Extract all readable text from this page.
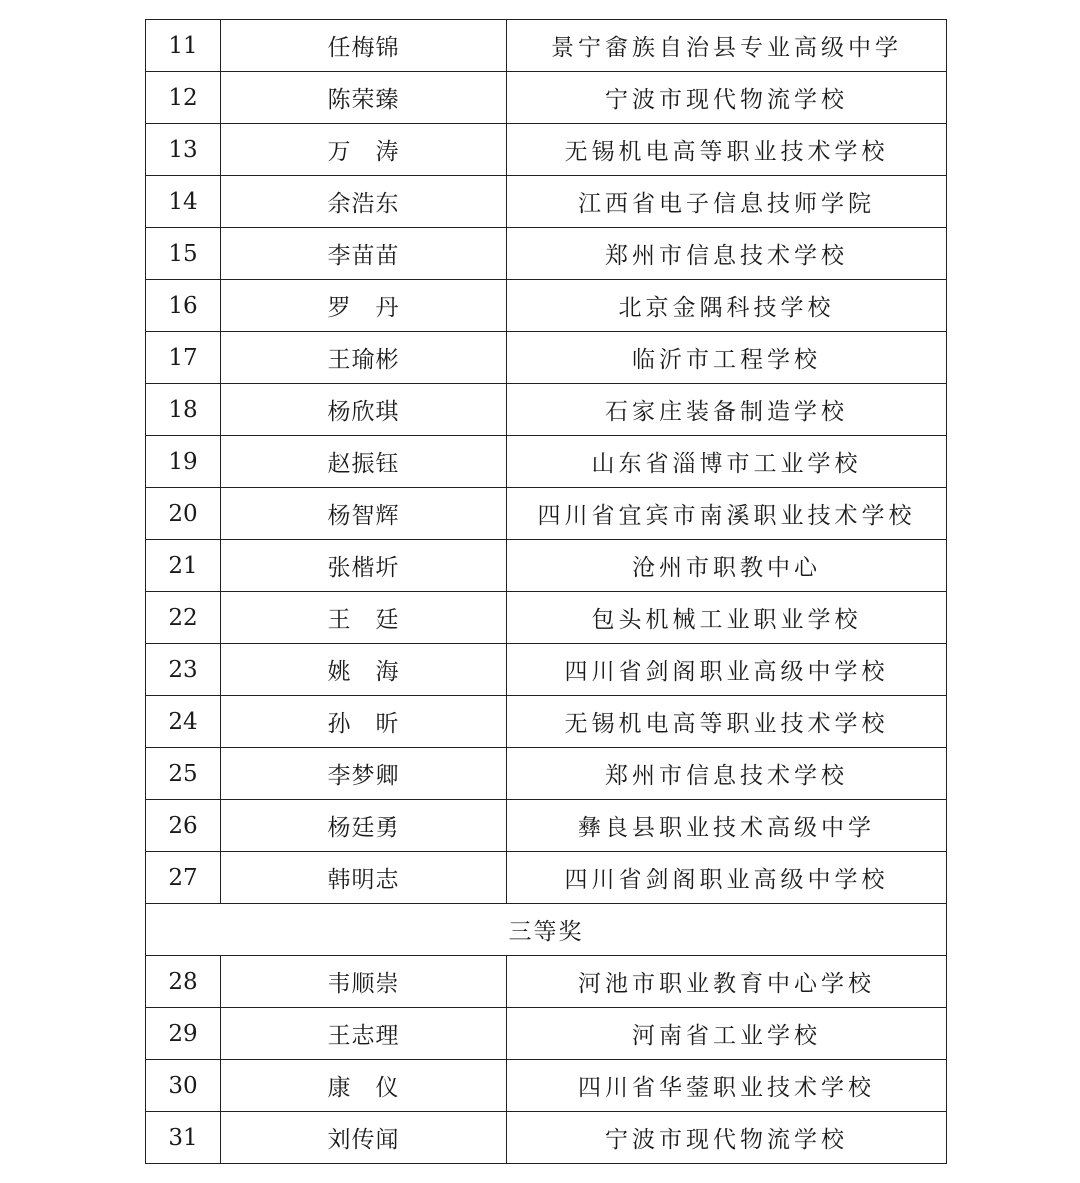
11	任梅锦	景宁畲族自治县专业高级中学
12	陈荣臻	宁波市现代物流学校
13	万　涛	无锡机电高等职业技术学校
14	余浩东	江西省电子信息技师学院
15	李苗苗	郑州市信息技术学校
16	罗　丹	北京金隅科技学校
17	王瑜彬	临沂市工程学校
18	杨欣琪	石家庄装备制造学校
19	赵振钰	山东省淄博市工业学校
20	杨智辉	四川省宜宾市南溪职业技术学校
21	张楷圻	沧州市职教中心
22	王　廷	包头机械工业职业学校
23	姚　海	四川省剑阁职业高级中学校
24	孙　昕	无锡机电高等职业技术学校
25	李梦卿	郑州市信息技术学校
26	杨廷勇	彝良县职业技术高级中学
27	韩明志	四川省剑阁职业高级中学校
三等奖		
28	韦顺崇	河池市职业教育中心学校
29	王志理	河南省工业学校
30	康　仪	四川省华蓥职业技术学校
31	刘传闻	宁波市现代物流学校
